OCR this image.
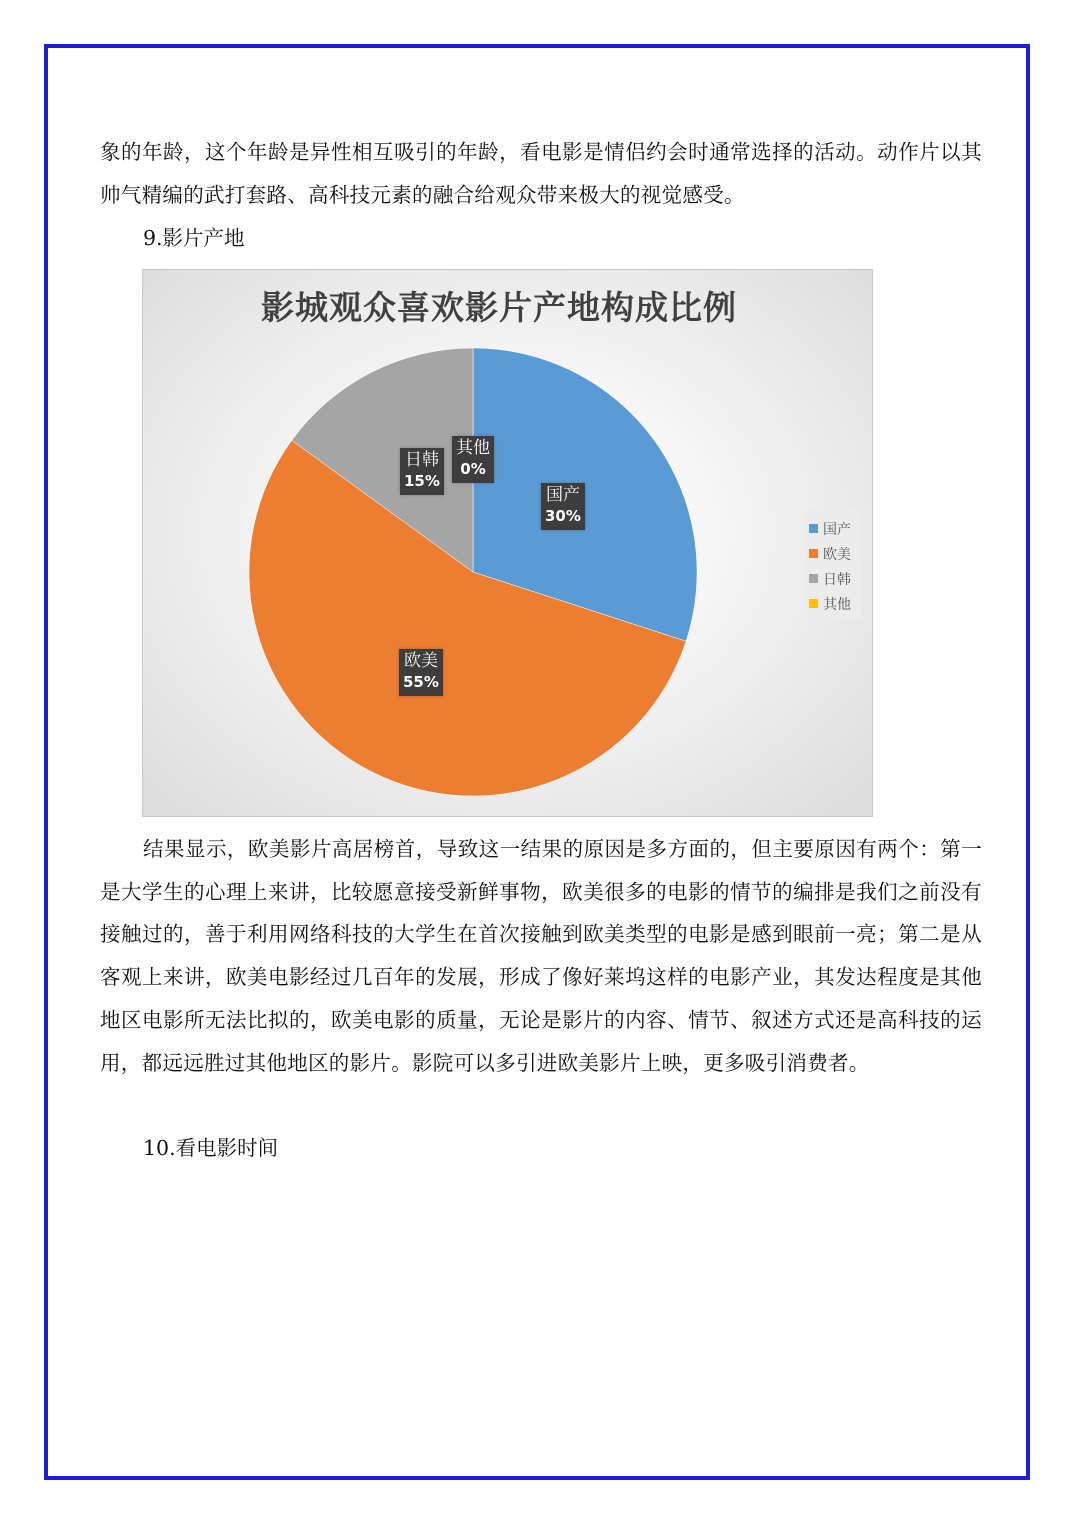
象的年龄，这个年龄是异性相互吸引的年龄，看电影是情侣约会时通常选择的活动。动作片以其帅气精编的武打套路、高科技元素的融合给观众带来极大的视觉感受。

9.影片产地

影城观众喜欢影片产地构成比例
国产
欧美
日韩
其他
国产
30%
欧美
55%
日韩
15%
其他
0%

结果显示，欧美影片高居榜首，导致这一结果的原因是多方面的，但主要原因有两个：第一是大学生的心理上来讲，比较愿意接受新鲜事物，欧美很多的电影的情节的编排是我们之前没有接触过的，善于利用网络科技的大学生在首次接触到欧美类型的电影是感到眼前一亮；第二是从客观上来讲，欧美电影经过几百年的发展，形成了像好莱坞这样的电影产业，其发达程度是其他地区电影所无法比拟的，欧美电影的质量，无论是影片的内容、情节、叙述方式还是高科技的运用，都远远胜过其他地区的影片。影院可以多引进欧美影片上映，更多吸引消费者。

10.看电影时间
